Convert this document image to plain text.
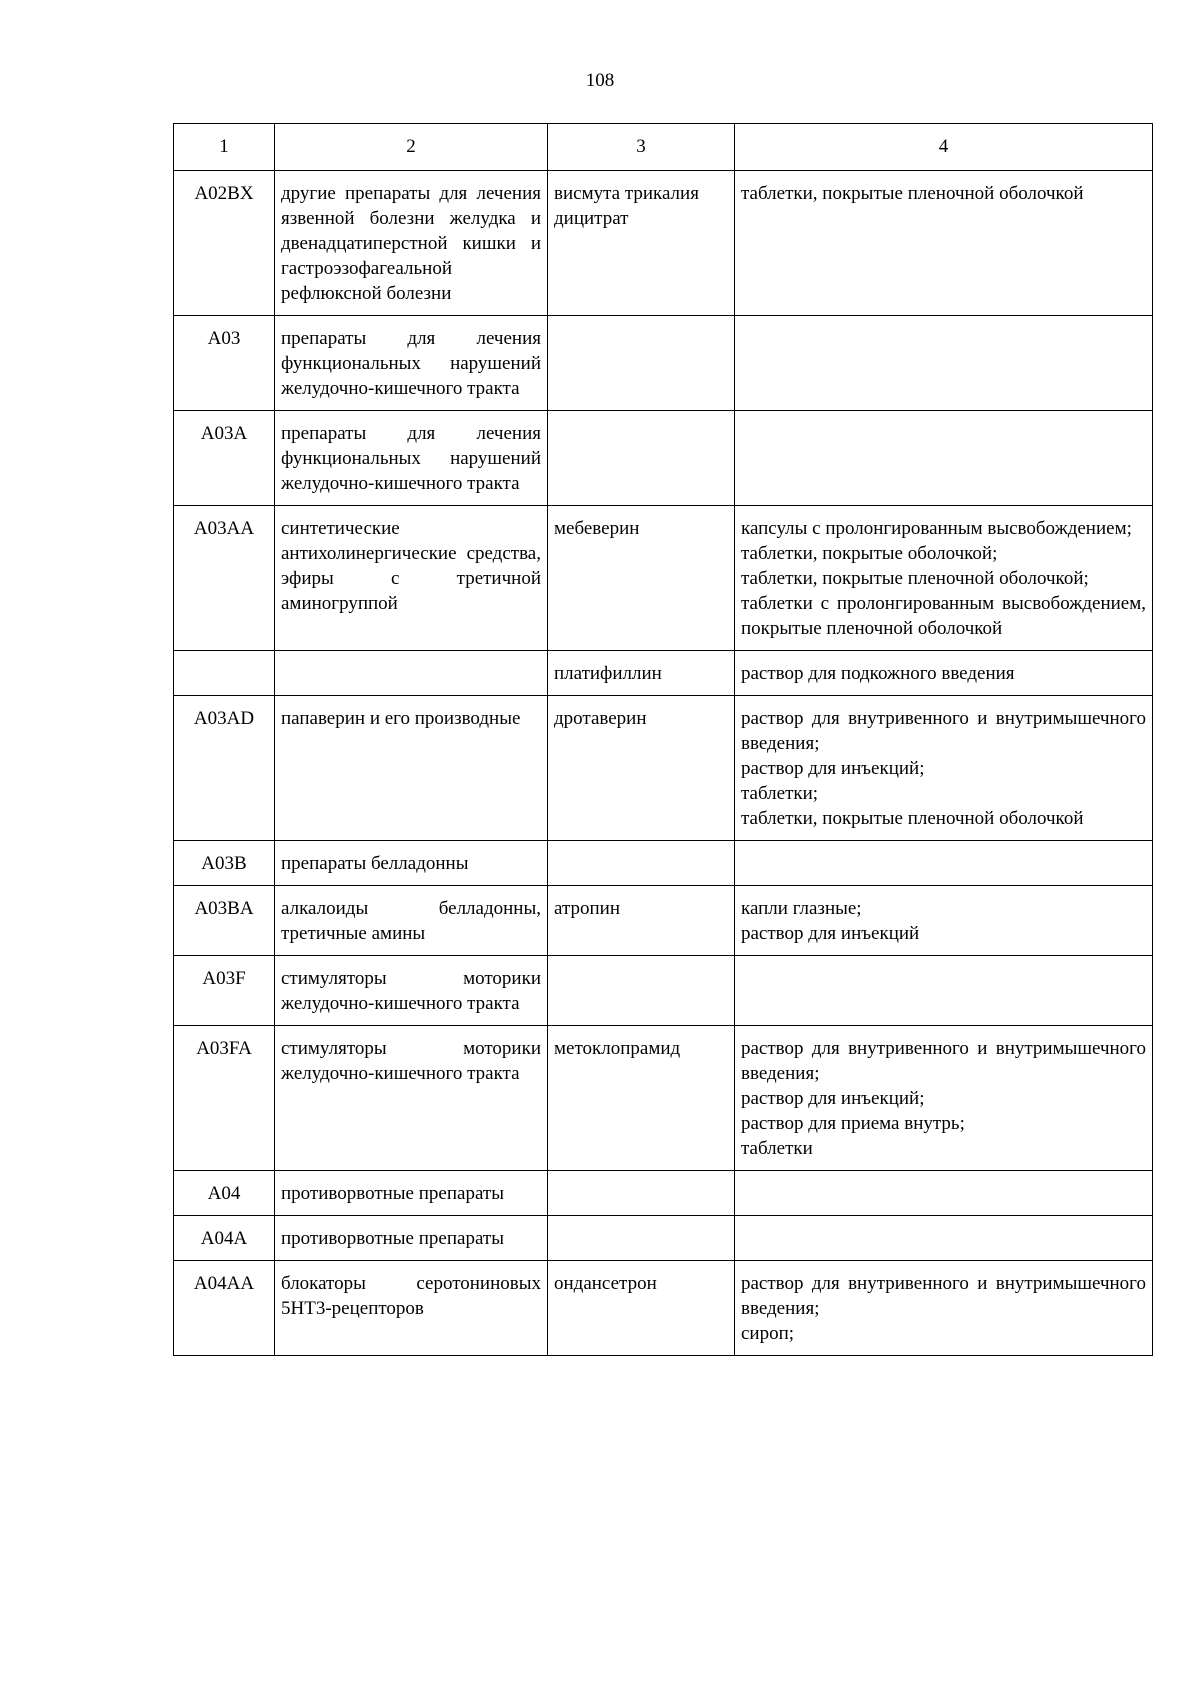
108
1	2	3	4
A02BX	другие препараты для лечения язвенной болезни желудка и двенадцатиперстной кишки и гастроэзофагеальной рефлюксной болезни	висмута трикалия дицитрат	таблетки, покрытые пленочной оболочкой

A03	препараты для лечения функциональных нарушений желудочно-кишечного тракта		
A03A	препараты для лечения функциональных нарушений желудочно-кишечного тракта		
A03AA	синтетические антихолинергические средства, эфиры с третичной аминогруппой	мебеверин	капсулы с пролонгированным высвобождением;
таблетки, покрытые оболочкой;
таблетки, покрытые пленочной оболочкой;
таблетки с пролонгированным высвобождением, покрытые пленочной оболочкой

		платифиллин	раствор для подкожного введения

A03AD	папаверин и его производные	дротаверин	раствор для внутривенного и внутримышечного введения;
раствор для инъекций;
таблетки;
таблетки, покрытые пленочной оболочкой

A03B	препараты белладонны		
A03BA	алкалоиды белладонны, третичные амины	атропин	капли глазные;
раствор для инъекций

A03F	стимуляторы моторики желудочно-кишечного тракта		
A03FA	стимуляторы моторики желудочно-кишечного тракта	метоклопрамид	раствор для внутривенного и внутримышечного введения;
раствор для инъекций;
раствор для приема внутрь;
таблетки

A04	противорвотные препараты		
A04A	противорвотные препараты		
A04AA	блокаторы серотониновых 5HT3-рецепторов	ондансетрон	раствор для внутривенного и внутримышечного введения;
сироп;
